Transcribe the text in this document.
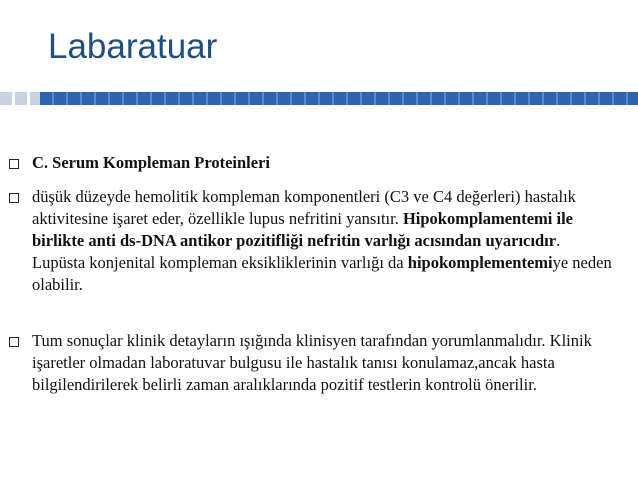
Labaratuar
C. Serum Kompleman Proteinleri
düşük düzeyde hemolitik kompleman komponentleri (C3 ve C4 değerleri) hastalık aktivitesine işaret eder, özellikle lupus nefritini yansıtır. Hipokomplamentemi ile birlikte anti ds-DNA antikor pozitifliği nefritin varlığı acısından uyarıcıdır. Lupüsta konjenital kompleman eksikliklerinin varlığı da hipokomplementemiye neden olabilir.
Tum sonuçlar klinik detayların ışığında klinisyen tarafından yorumlanmalıdır. Klinik işaretler olmadan laboratuvar bulgusu ile hastalık tanısı konulamaz,ancak hasta bilgilendirilerek belirli zaman aralıklarında pozitif testlerin kontrolü önerilir.
